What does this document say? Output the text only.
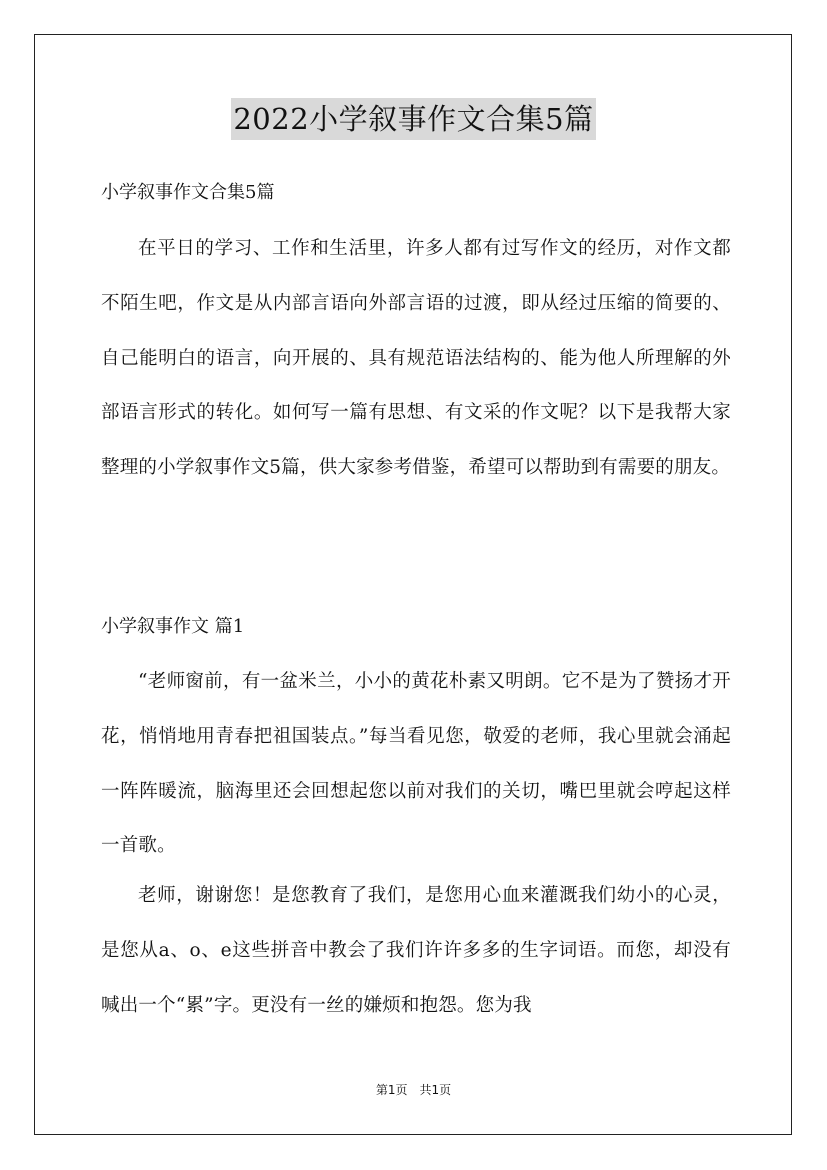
2022小学叙事作文合集5篇
小学叙事作文合集5篇

在平日的学习、工作和生活里，许多人都有过写作文的经历，对作文都不陌生吧，作文是从内部言语向外部言语的过渡，即从经过压缩的简要的、自己能明白的语言，向开展的、具有规范语法结构的、能为他人所理解的外部语言形式的转化。如何写一篇有思想、有文采的作文呢？以下是我帮大家整理的小学叙事作文5篇，供大家参考借鉴，希望可以帮助到有需要的朋友。

小学叙事作文 篇1

“老师窗前，有一盆米兰，小小的黄花朴素又明朗。它不是为了赞扬才开花，悄悄地用青春把祖国装点。”每当看见您，敬爱的老师，我心里就会涌起一阵阵暖流，脑海里还会回想起您以前对我们的关切，嘴巴里就会哼起这样一首歌。

老师，谢谢您！是您教育了我们，是您用心血来灌溉我们幼小的心灵，是您从a、o、e这些拼音中教会了我们许许多多的生字词语。而您，却没有喊出一个“累”字。更没有一丝的嫌烦和抱怨。您为我

第1页　共1页
